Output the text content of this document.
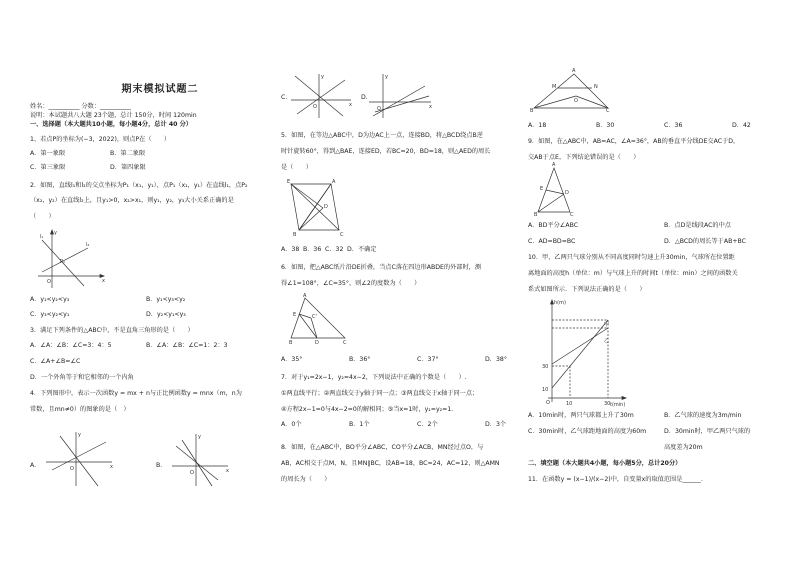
期末模拟试题二
姓名：__________ 分数：__________
说明：本试题共八大题 23个题，总计 150分，时间 120min
一、选择题（本大题共10小题，每小题4分，总计 40 分）
1、若点P的坐标为(−3，2022)，则点P在（　　）
A．第一象限	B．第二象限
C．第三象限	D．第四象限
2．如图，直线l₁和l₂的交点坐标为P₁（x₁，y₁），点P₁（x₁，y₁）在直线l₁，点P₂
（x₂，y₂）在直线l₂上，且y₁>0，x₂>x₁，则y₁，y₂，y₃大小关系正确的是
（　　）
l₁
l₂
P₁
O	x
y
A．y₁<y₂<y₃	B．y₁<y₃<y₂
C．y₃<y₂<y₁	D．y₂<y₁<y₃
3．满足下列条件的△ABC中，不是直角三角形的是（　　）
A．∠A：∠B：∠C=3：4：5	B．∠A：∠B：∠C=1：2：3
C．∠A+∠B=∠C
D．一个外角等于和它相邻的一个内角
4．下列图形中，表示一次函数y = mx + n与正比例函数y = mnx（m，n为
常数，且mn≠0）的图象的是（　）
A．	O	x
y
B．
O	x
y
C．
O	x
y
D．
O	x
y
5．如图，在等边△ABC中，D为边AC上一点，连接BD，将△BCD绕点B逆
时针旋转60°，得到△BAE，连接ED，若BC=20，BD=18，则△AED的周长
是（　　）
E	A
D
B	C
A．38 B．36 C．32 D．不确定
6．如图，把△ABC纸片沿DE折叠，当点C落在四边形ABDE的外部时，测
得∠1=108°，∠C=35°，则∠2的度数为（　　）
A
B	D	C
E	C'
A．35°	B．36°	C．37°	D．38°
7．对于y₁=2x−1，y₂=4x−2，下列说法中正确的个数是（　　）.
①两直线平行；②两直线交于y轴于同一点；③两直线交于x轴于同一点；
④方程2x−1=0与4x−2=0的解相同；⑤当x=1时，y₁=y₂=1．
A．0个	B．1个	C．2个	D．3个
8．如图，在△ABC中，BO平分∠ABC，CO平分∠ACB，MN经过点O，与
AB，AC相交于点M，N，且MN∥BC，设AB=18，BC=24，AC=12，则△AMN
的周长为（　　）
A
M	N
O
B	C
A．18	B．30	C．36	D．42
9．如图，在△ABC中，AB=AC，∠A=36°，AB的垂直平分线DE交AC于D，
交AB于点E，下列结论错误的是（　　）
A
E
D
B	C
A．BD平分∠ABC	B．点D是线段AC的中点
C．AD=BD=BC	D．△BCD的周长等于AB+BC
10．甲、乙两只气球分别从不同高度同时匀速上升30min，气球所在位置距
离地面的高度h（单位：m）与气球上升的时间t（单位：min）之间的函数关
系式如图所示．下列说法正确的是（　　）
h(m)
t(min)
甲
乙
O	10	30
10
30
A．10min时，两只气球都上升了30m	B．乙气球的速度为3m/min
C．30min时，乙气球距地面的高度为60m	D．30min时，甲乙两只气球的
高度差为20m
二、填空题（本大题共4小题，每小题5分，总计20分）
11．在函数y = (x−1)/(x−2)中，自变量x的取值范围是______.
